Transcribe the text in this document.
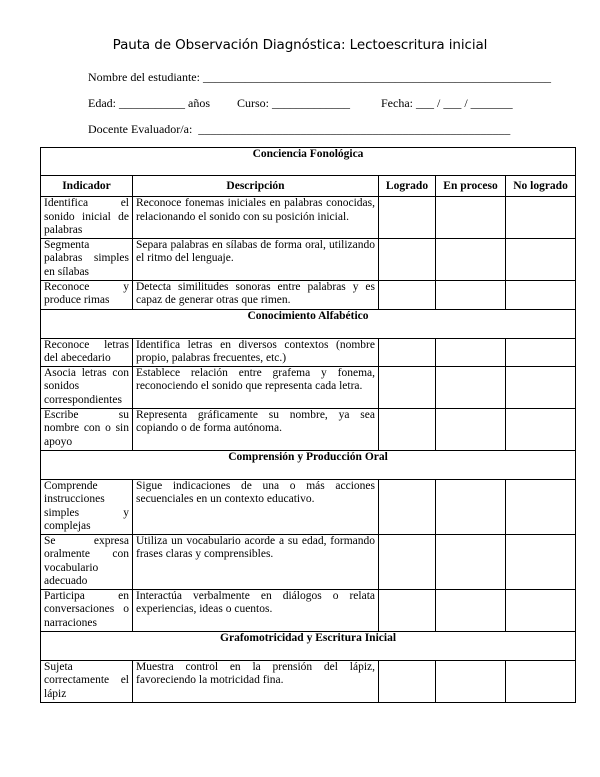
Pauta de Observación Diagnóstica: Lectoescritura inicial
Nombre del estudiante: __________________________________________________________
Edad: ___________ años Curso: _____________	Fecha: ___ / ___ / _______
Docente Evaluador/a:  ____________________________________________________
Conciencia Fonológica				
Indicador	Descripción	Logrado	En proceso	No logrado
Identifica el sonido inicial de palabras	Reconoce fonemas iniciales en palabras conocidas, relacionando el sonido con su posición inicial.			
Segmenta palabras simples en sílabas	Separa palabras en sílabas de forma oral, utilizando el ritmo del lenguaje.			
Reconoce y produce rimas	Detecta similitudes sonoras entre palabras y es capaz de generar otras que rimen.			
Conocimiento Alfabético				
Reconoce letras del abecedario	Identifica letras en diversos contextos (nombre propio, palabras frecuentes, etc.)			
Asocia letras con sonidos correspondientes	Establece relación entre grafema y fonema, reconociendo el sonido que representa cada letra.			
Escribe su nombre con o sin apoyo	Representa gráficamente su nombre, ya sea copiando o de forma autónoma.			
Comprensión y Producción Oral				
Comprende instrucciones simples y complejas	Sigue indicaciones de una o más acciones secuenciales en un contexto educativo.			
Se expresa oralmente con vocabulario adecuado	Utiliza un vocabulario acorde a su edad, formando frases claras y comprensibles.			
Participa en conversaciones o narraciones	Interactúa verbalmente en diálogos o relata experiencias, ideas o cuentos.			
Grafomotricidad y Escritura Inicial				
Sujeta correctamente el lápiz	Muestra control en la prensión del lápiz, favoreciendo la motricidad fina.			
